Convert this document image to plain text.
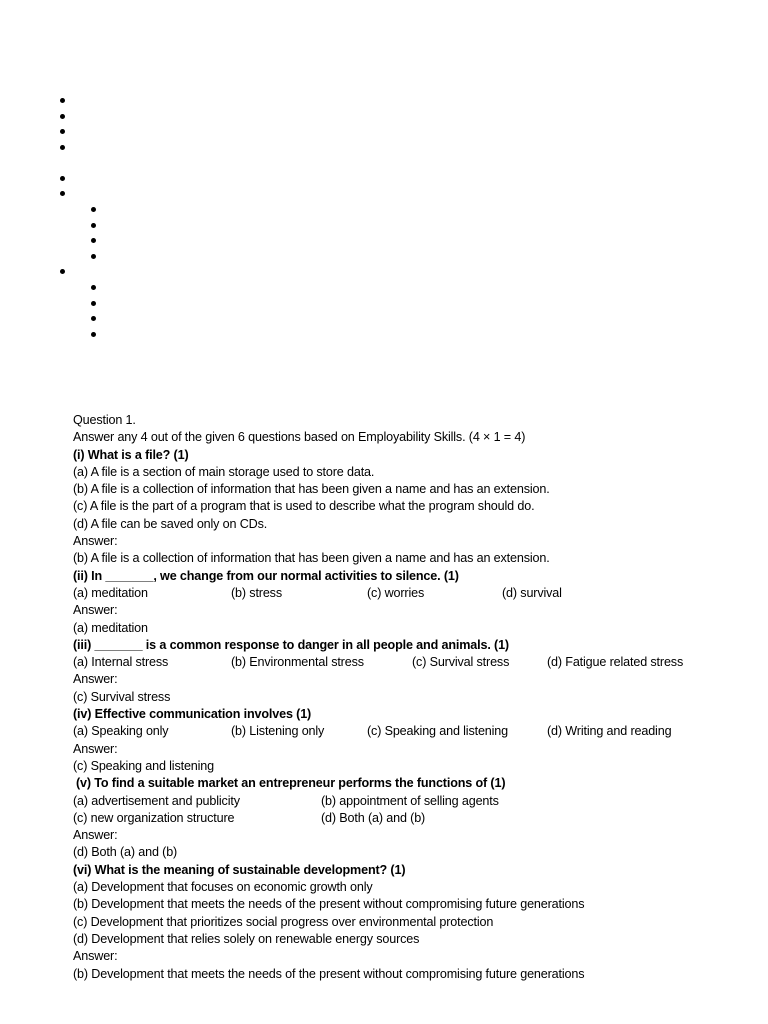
Question 1.
Answer any 4 out of the given 6 questions based on Employability Skills. (4 × 1 = 4)
(i) What is a file? (1)
(a) A file is a section of main storage used to store data.
(b) A file is a collection of information that has been given a name and has an extension.
(c) A file is the part of a program that is used to describe what the program should do.
(d) A file can be saved only on CDs.
Answer:
(b) A file is a collection of information that has been given a name and has an extension.
(ii) In _______, we change from our normal activities to silence. (1)
(a) meditation	(b) stress	(c) worries	(d) survival
Answer:
(a) meditation
(iii) _______ is a common response to danger in all people and animals. (1)
(a) Internal stress	(b) Environmental stress	(c) Survival stress	(d) Fatigue related stress
Answer:
(c) Survival stress
(iv) Effective communication involves (1)
(a) Speaking only	(b) Listening only	(c) Speaking and listening	(d) Writing and reading
Answer:
(c) Speaking and listening
(v) To find a suitable market an entrepreneur performs the functions of (1)
(a) advertisement and publicity	(b) appointment of selling agents
(c) new organization structure	(d) Both (a) and (b)
Answer:
(d) Both (a) and (b)
(vi) What is the meaning of sustainable development? (1)
(a) Development that focuses on economic growth only
(b) Development that meets the needs of the present without compromising future generations
(c) Development that prioritizes social progress over environmental protection
(d) Development that relies solely on renewable energy sources
Answer:
(b) Development that meets the needs of the present without compromising future generations
